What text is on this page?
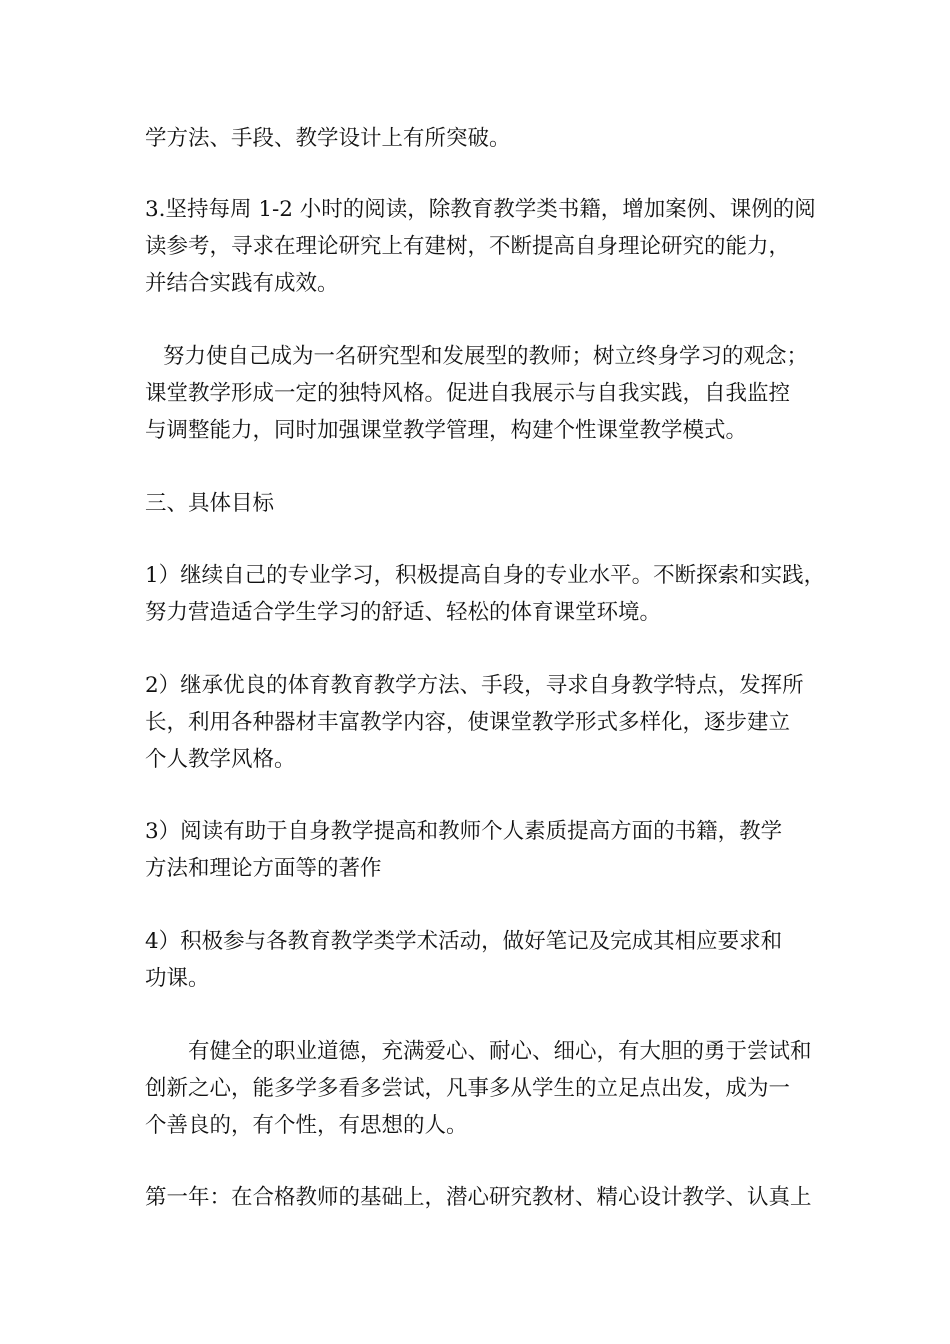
学方法、手段、教学设计上有所突破。

3.坚持每周 1-2 小时的阅读，除教育教学类书籍，增加案例、课例的阅

读参考，寻求在理论研究上有建树，不断提高自身理论研究的能力，

并结合实践有成效。

努力使自己成为一名研究型和发展型的教师；树立终身学习的观念；

课堂教学形成一定的独特风格。促进自我展示与自我实践，自我监控

与调整能力，同时加强课堂教学管理，构建个性课堂教学模式。

三、具体目标

1）继续自己的专业学习，积极提高自身的专业水平。不断探索和实践，

努力营造适合学生学习的舒适、轻松的体育课堂环境。

2）继承优良的体育教育教学方法、手段，寻求自身教学特点，发挥所

长，利用各种器材丰富教学内容，使课堂教学形式多样化，逐步建立

个人教学风格。

3）阅读有助于自身教学提高和教师个人素质提高方面的书籍，教学

方法和理论方面等的著作

4）积极参与各教育教学类学术活动，做好笔记及完成其相应要求和

功课。

有健全的职业道德，充满爱心、耐心、细心，有大胆的勇于尝试和

创新之心，能多学多看多尝试，凡事多从学生的立足点出发，成为一

个善良的，有个性，有思想的人。

第一年：在合格教师的基础上，潜心研究教材、精心设计教学、认真上
